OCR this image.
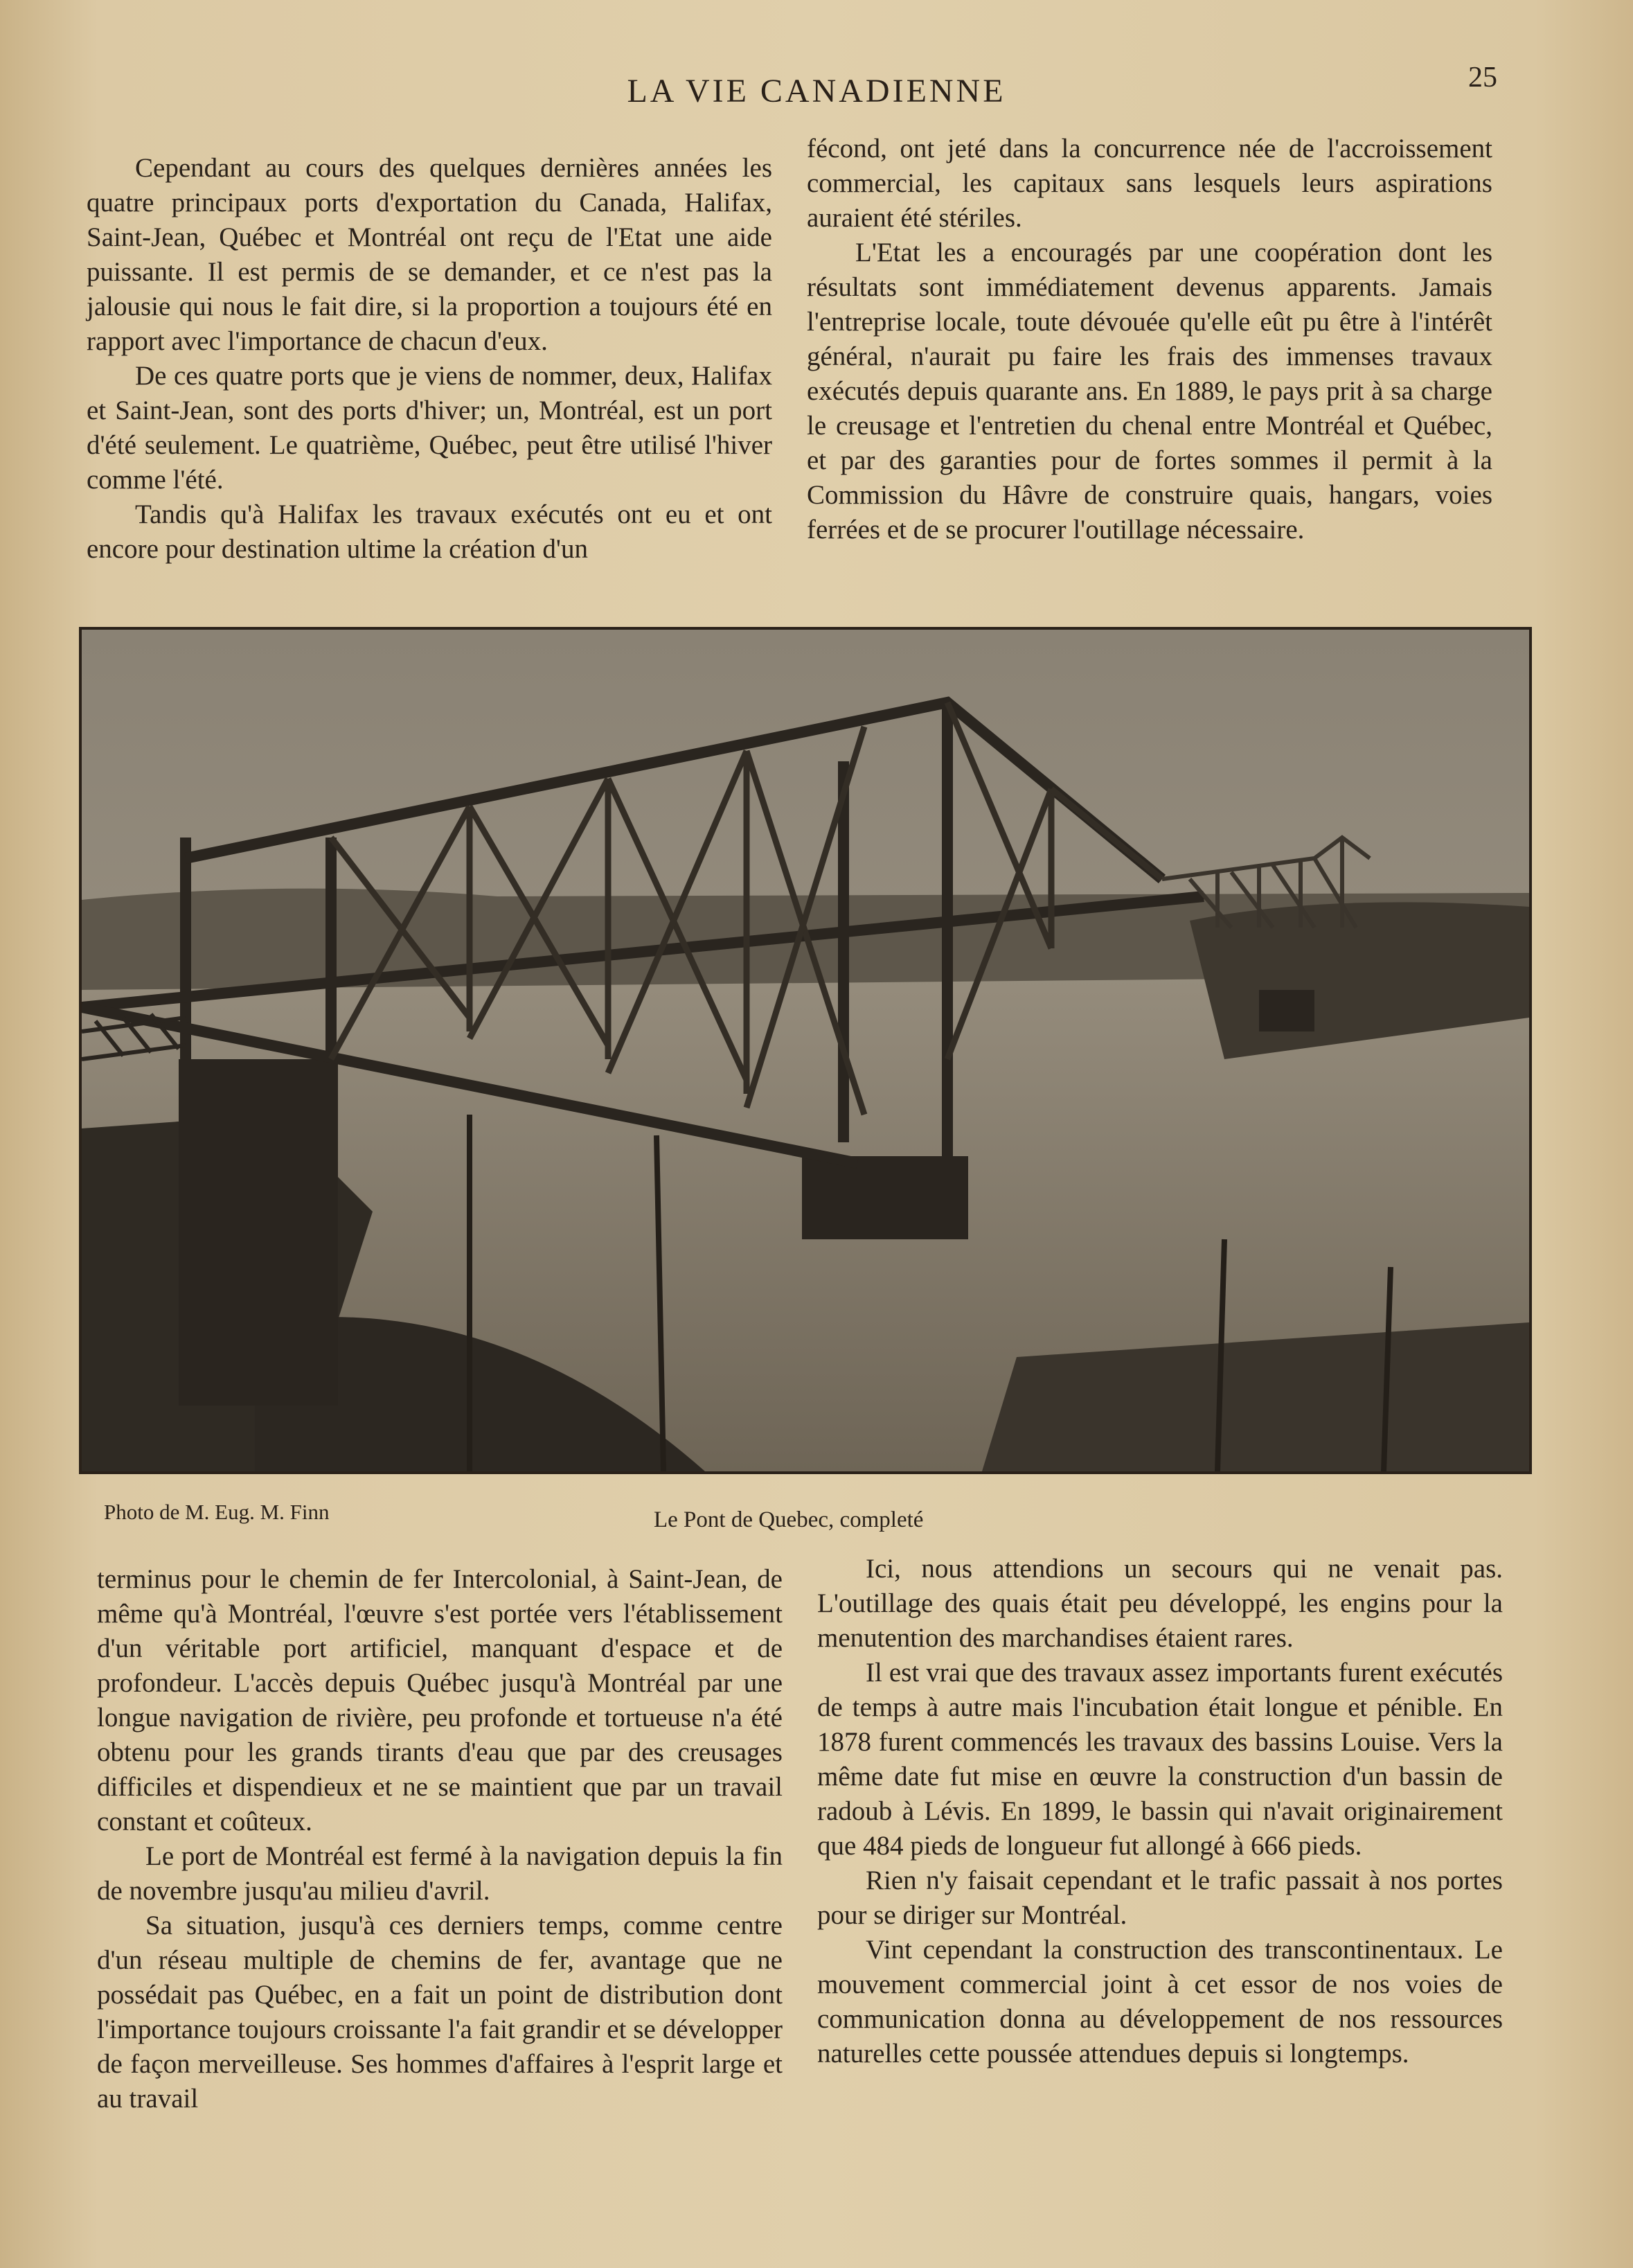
LA VIE CANADIENNE	25

Cependant au cours des quelques dernières années les quatre principaux ports d'exportation du Canada, Halifax, Saint-Jean, Québec et Montréal ont reçu de l'Etat une aide puissante. Il est permis de se demander, et ce n'est pas la jalousie qui nous le fait dire, si la proportion a toujours été en rapport avec l'importance de chacun d'eux.

De ces quatre ports que je viens de nommer, deux, Halifax et Saint-Jean, sont des ports d'hiver; un, Montréal, est un port d'été seulement. Le quatrième, Québec, peut être utilisé l'hiver comme l'été.

Tandis qu'à Halifax les travaux exécutés ont eu et ont encore pour destination ultime la création d'un

fécond, ont jeté dans la concurrence née de l'accroissement commercial, les capitaux sans lesquels leurs aspirations auraient été stériles.

L'Etat les a encouragés par une coopération dont les résultats sont immédiatement devenus apparents. Jamais l'entreprise locale, toute dévouée qu'elle eût pu être à l'intérêt général, n'aurait pu faire les frais des immenses travaux exécutés depuis quarante ans. En 1889, le pays prit à sa charge le creusage et l'entretien du chenal entre Montréal et Québec, et par des garanties pour de fortes sommes il permit à la Commission du Hâvre de construire quais, hangars, voies ferrées et de se procurer l'outillage nécessaire.

Photo de M. Eug. M. Finn	Le Pont de Quebec, completé

terminus pour le chemin de fer Intercolonial, à Saint-Jean, de même qu'à Montréal, l'œuvre s'est portée vers l'établissement d'un véritable port artificiel, manquant d'espace et de profondeur. L'accès depuis Québec jusqu'à Montréal par une longue navigation de rivière, peu profonde et tortueuse n'a été obtenu pour les grands tirants d'eau que par des creusages difficiles et dispendieux et ne se maintient que par un travail constant et coûteux.

Le port de Montréal est fermé à la navigation depuis la fin de novembre jusqu'au milieu d'avril.

Sa situation, jusqu'à ces derniers temps, comme centre d'un réseau multiple de chemins de fer, avantage que ne possédait pas Québec, en a fait un point de distribution dont l'importance toujours croissante l'a fait grandir et se développer de façon merveilleuse. Ses hommes d'affaires à l'esprit large et au travail

Ici, nous attendions un secours qui ne venait pas. L'outillage des quais était peu développé, les engins pour la menutention des marchandises étaient rares.

Il est vrai que des travaux assez importants furent exécutés de temps à autre mais l'incubation était longue et pénible. En 1878 furent commencés les travaux des bassins Louise. Vers la même date fut mise en œuvre la construction d'un bassin de radoub à Lévis. En 1899, le bassin qui n'avait originairement que 484 pieds de longueur fut allongé à 666 pieds.

Rien n'y faisait cependant et le trafic passait à nos portes pour se diriger sur Montréal.

Vint cependant la construction des transcontinentaux. Le mouvement commercial joint à cet essor de nos voies de communication donna au développement de nos ressources naturelles cette poussée attendues depuis si longtemps.
